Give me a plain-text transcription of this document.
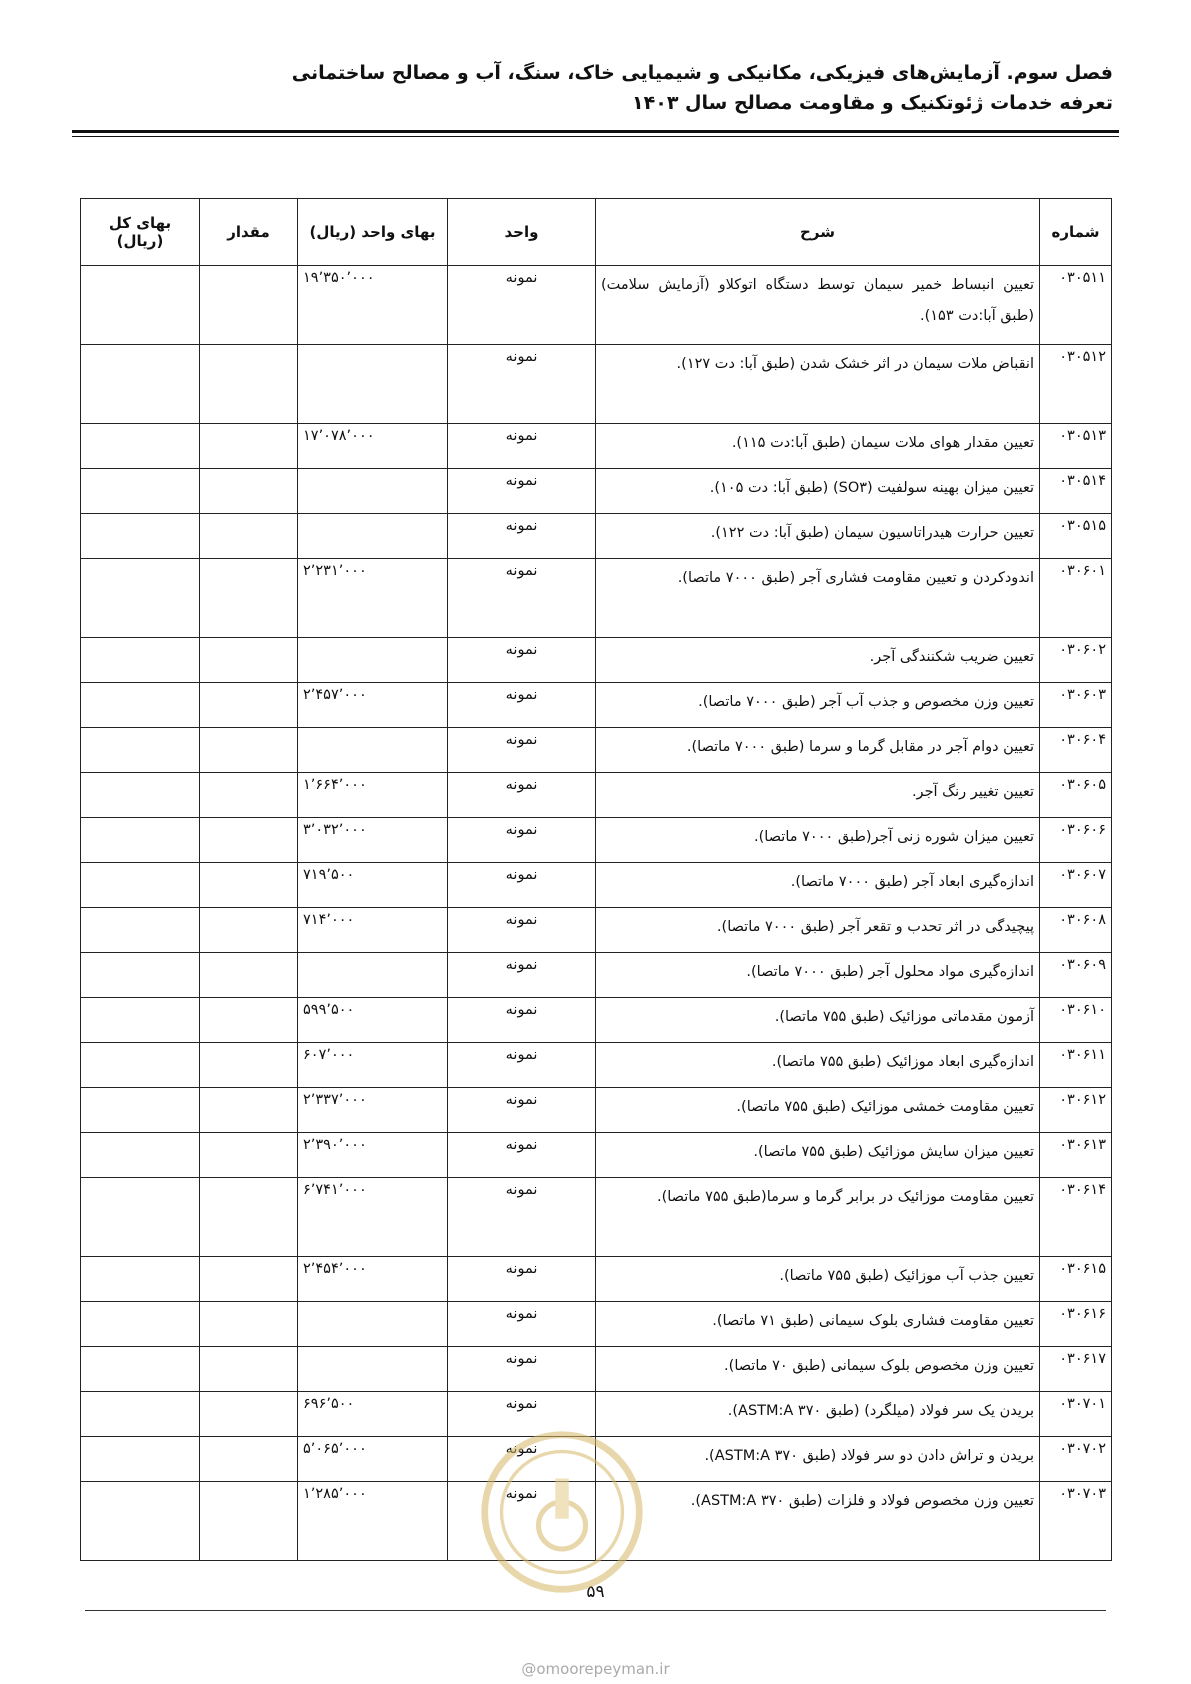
فصل سوم. آزمایش‌های فیزیکی، مکانیکی و شیمیایی خاک، سنگ، آب و مصالح ساختمانی
تعرفه خدمات ژئوتکنیک و مقاومت مصالح سال ۱۴۰۳
شماره	شرح	واحد	بهای واحد (ریال)	مقدار	بهای کل (ریال)
۰۳۰۵۱۱	تعیین انبساط خمیر سیمان توسط دستگاه اتوکلاو (آزمایش سلامت) (طبق آبا:دت ۱۵۳).	نمونه	۱۹٬۳۵۰٬۰۰۰		
۰۳۰۵۱۲	انقباض ملات سیمان در اثر خشک شدن (طبق آبا: دت ۱۲۷).	نمونه			
۰۳۰۵۱۳	تعیین مقدار هوای ملات سیمان (طبق آبا:دت ۱۱۵).	نمونه	۱۷٬۰۷۸٬۰۰۰		
۰۳۰۵۱۴	تعیین میزان بهینه سولفیت (SO۳) (طبق آبا: دت ۱۰۵).	نمونه			
۰۳۰۵۱۵	تعیین حرارت هیدراتاسیون سیمان (طبق آبا: دت ۱۲۲).	نمونه			
۰۳۰۶۰۱	اندودکردن و تعیین مقاومت فشاری آجر (طبق ۷۰۰۰ ماتصا).	نمونه	۲٬۲۳۱٬۰۰۰		
۰۳۰۶۰۲	تعیین ضریب شکنندگی آجر.	نمونه			
۰۳۰۶۰۳	تعیین وزن مخصوص و جذب آب آجر (طبق ۷۰۰۰ ماتصا).	نمونه	۲٬۴۵۷٬۰۰۰		
۰۳۰۶۰۴	تعیین دوام آجر در مقابل گرما و سرما (طبق ۷۰۰۰ ماتصا).	نمونه			
۰۳۰۶۰۵	تعیین تغییر رنگ آجر.	نمونه	۱٬۶۶۴٬۰۰۰		
۰۳۰۶۰۶	تعیین میزان شوره زنی آجر(طبق ۷۰۰۰ ماتصا).	نمونه	۳٬۰۳۲٬۰۰۰		
۰۳۰۶۰۷	اندازه‌گیری ابعاد آجر (طبق ۷۰۰۰ ماتصا).	نمونه	۷۱۹٬۵۰۰		
۰۳۰۶۰۸	پیچیدگی در اثر تحدب و تقعر آجر (طبق ۷۰۰۰ ماتصا).	نمونه	۷۱۴٬۰۰۰		
۰۳۰۶۰۹	اندازه‌گیری مواد محلول آجر (طبق ۷۰۰۰ ماتصا).	نمونه			
۰۳۰۶۱۰	آزمون مقدماتی موزائیک (طبق ۷۵۵ ماتصا).	نمونه	۵۹۹٬۵۰۰		
۰۳۰۶۱۱	اندازه‌گیری ابعاد موزائیک (طبق ۷۵۵ ماتصا).	نمونه	۶۰۷٬۰۰۰		
۰۳۰۶۱۲	تعیین مقاومت خمشی موزائیک (طبق ۷۵۵ ماتصا).	نمونه	۲٬۳۳۷٬۰۰۰		
۰۳۰۶۱۳	تعیین میزان سایش موزائیک (طبق ۷۵۵ ماتصا).	نمونه	۲٬۳۹۰٬۰۰۰		
۰۳۰۶۱۴	تعیین مقاومت موزائیک در برابر گرما و سرما(طبق ۷۵۵ ماتصا).	نمونه	۶٬۷۴۱٬۰۰۰		
۰۳۰۶۱۵	تعیین جذب آب موزائیک (طبق ۷۵۵ ماتصا).	نمونه	۲٬۴۵۴٬۰۰۰		
۰۳۰۶۱۶	تعیین مقاومت فشاری بلوک سیمانی (طبق ۷۱ ماتصا).	نمونه			
۰۳۰۶۱۷	تعیین وزن مخصوص بلوک سیمانی (طبق ۷۰ ماتصا).	نمونه			
۰۳۰۷۰۱	بریدن یک سر فولاد (میلگرد) (طبق ASTM:A ۳۷۰).	نمونه	۶۹۶٬۵۰۰		
۰۳۰۷۰۲	بریدن و تراش دادن دو سر فولاد (طبق ASTM:A ۳۷۰).	نمونه	۵٬۰۶۵٬۰۰۰		
۰۳۰۷۰۳	تعیین وزن مخصوص فولاد و فلزات (طبق ۳۷۰ ASTM:A).	نمونه	۱٬۲۸۵٬۰۰۰		
۵۹
@omoorepeyman.ir
